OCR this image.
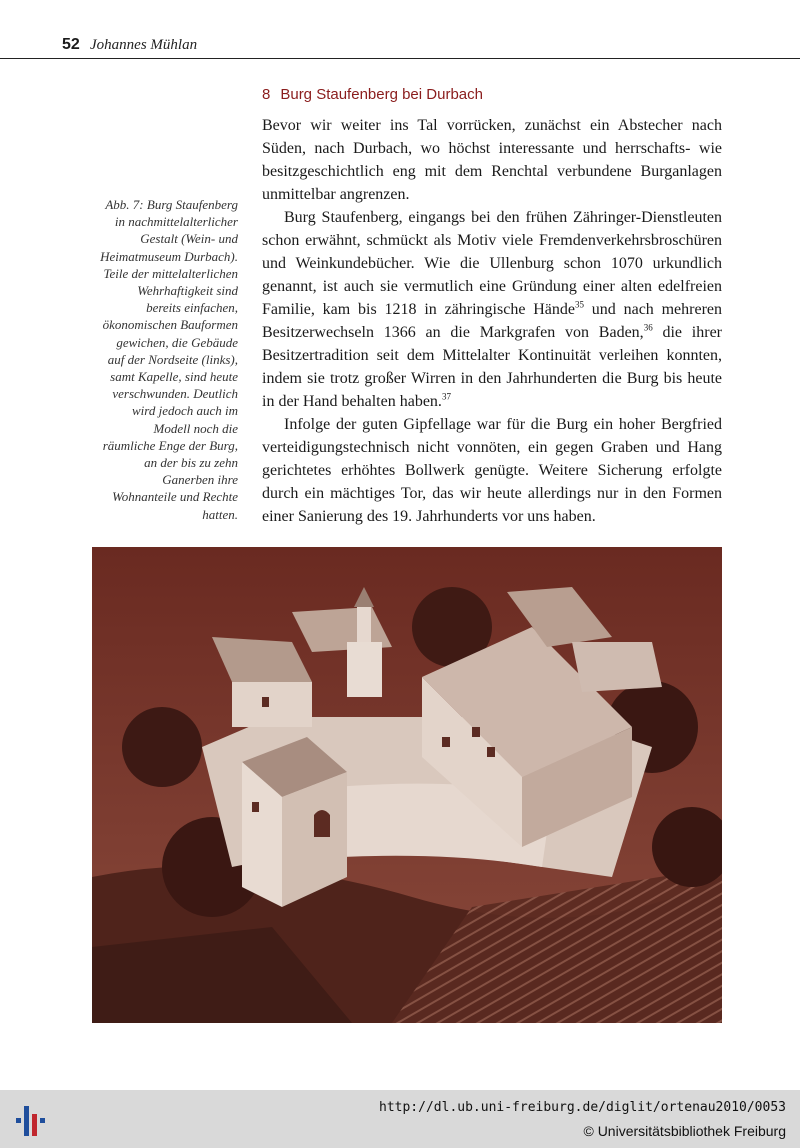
52 Johannes Mühlan
8 Burg Staufenberg bei Durbach

Bevor wir weiter ins Tal vorrücken, zunächst ein Abstecher nach Süden, nach Durbach, wo höchst interessante und herrschafts- wie besitzgeschichtlich eng mit dem Renchtal verbundene Burganlagen unmittelbar angrenzen.

Burg Staufenberg, eingangs bei den frühen Zähringer-Dienstleuten schon erwähnt, schmückt als Motiv viele Fremdenverkehrsbroschüren und Weinkundebücher. Wie die Ullenburg schon 1070 urkundlich genannt, ist auch sie vermutlich eine Gründung einer alten edelfreien Familie, kam bis 1218 in zähringische Hände$^{35}$ und nach mehreren Besitzerwechseln 1366 an die Markgrafen von Baden,$^{36}$ die ihrer Besitzertradition seit dem Mittelalter Kontinuität verleihen konnten, indem sie trotz großer Wirren in den Jahrhunderten die Burg bis heute in der Hand behalten haben.$^{37}$

Infolge der guten Gipfellage war für die Burg ein hoher Bergfried verteidigungstechnisch nicht vonnöten, ein gegen Graben und Hang gerichtetes erhöhtes Bollwerk genügte. Weitere Sicherung erfolgte durch ein mächtiges Tor, das wir heute allerdings nur in den Formen einer Sanierung des 19. Jahrhunderts vor uns haben.

Abb. 7: Burg Staufenberg in nachmittelalterlicher Gestalt (Wein- und Heimatmuseum Durbach). Teile der mittelalterlichen Wehrhaftigkeit sind bereits einfachen, ökonomischen Bauformen gewichen, die Gebäude auf der Nordseite (links), samt Kapelle, sind heute verschwunden. Deutlich wird jedoch auch im Modell noch die räumliche Enge der Burg, an der bis zu zehn Ganerben ihre Wohnanteile und Rechte hatten.
http://dl.ub.uni-freiburg.de/diglit/ortenau2010/0053
© Universitätsbibliothek Freiburg
